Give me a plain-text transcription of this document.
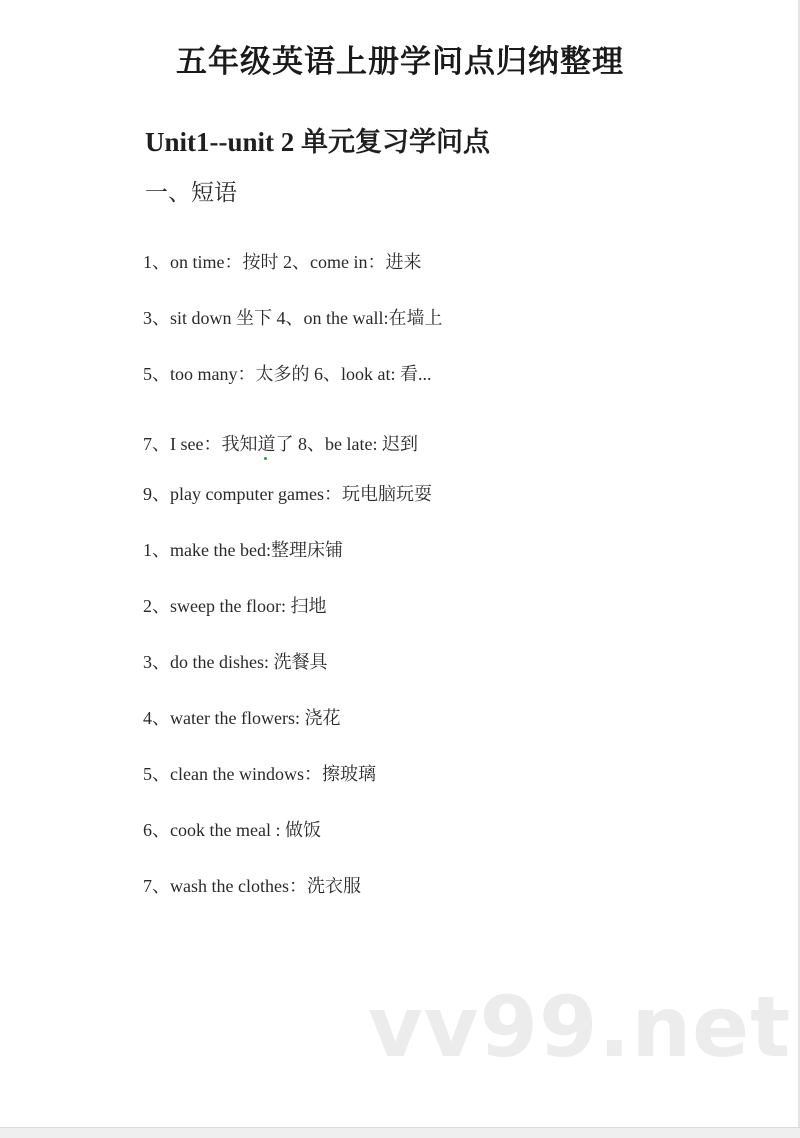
五年级英语上册学问点归纳整理
Unit1--unit 2 单元复习学问点
一、短语

1、on time：按时 2、come in：进来

3、sit down 坐下 4、on the wall:在墙上

5、too many：太多的 6、look at: 看...

7、I see：我知道了 8、be late: 迟到

9、play computer games：玩电脑玩耍

1、make the bed:整理床铺

2、sweep the floor: 扫地

3、do the dishes: 洗餐具

4、water the flowers: 浇花

5、clean the windows：擦玻璃

6、cook the meal : 做饭

7、wash the clothes：洗衣服

vv99.net
